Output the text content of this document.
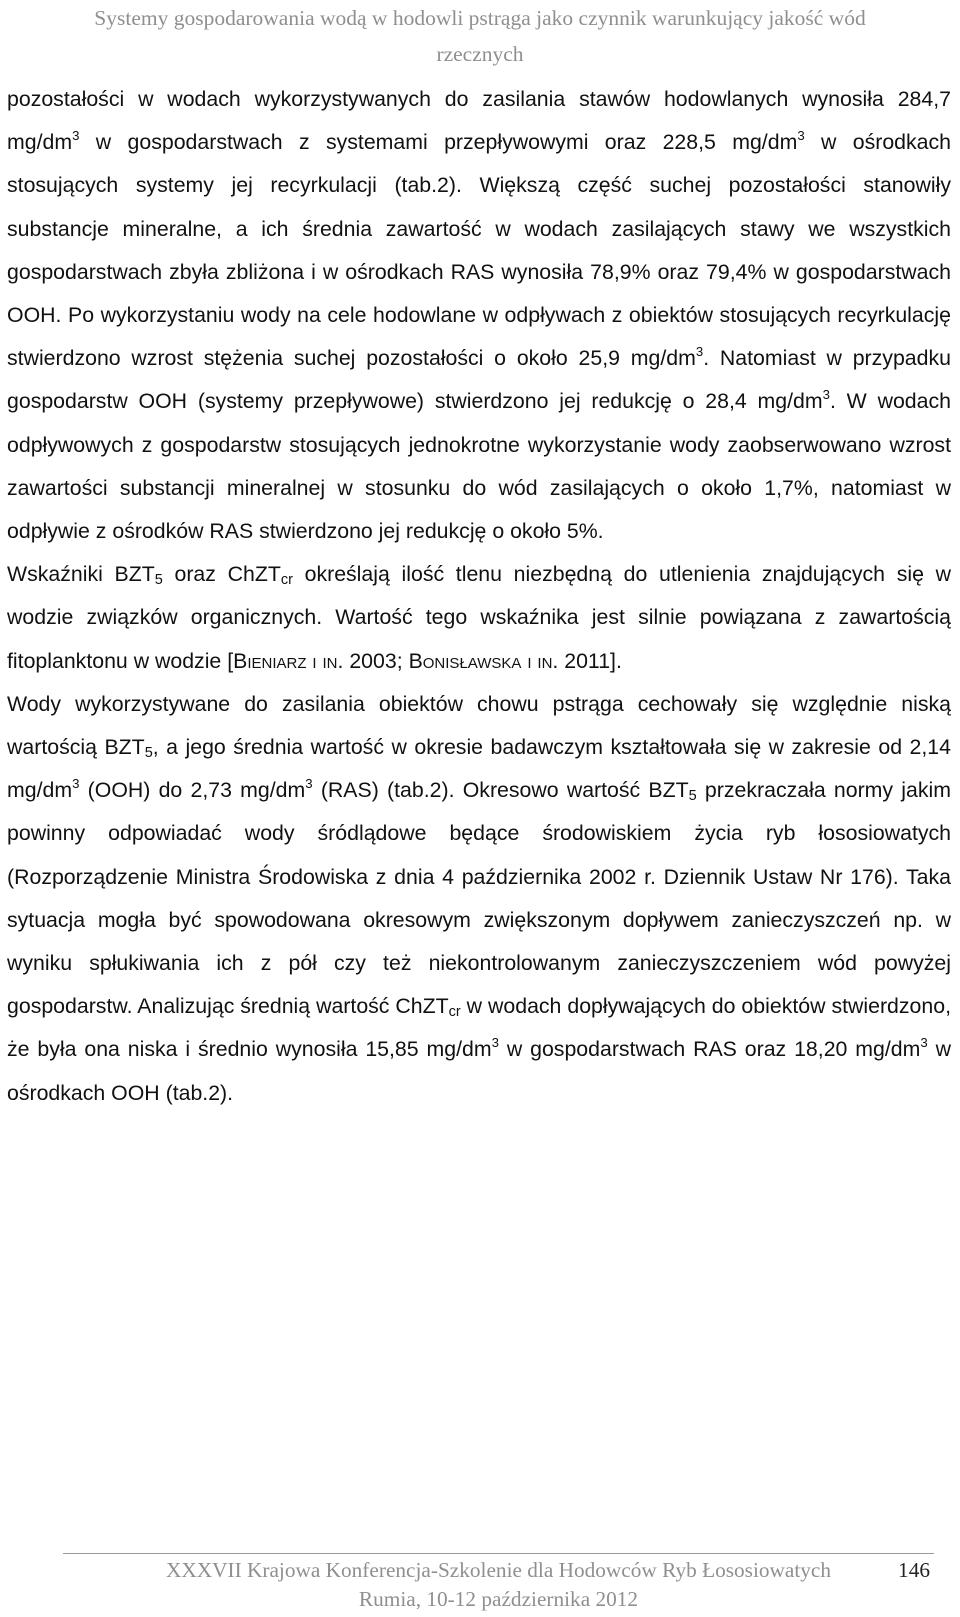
Systemy gospodarowania wodą w hodowli pstrąga jako czynnik warunkujący jakość wód
rzecznych

pozostałości w wodach wykorzystywanych do zasilania stawów hodowlanych wynosiła 284,7 $mg/dm^3$ w gospodarstwach z systemami przepływowymi oraz 228,5 $mg/dm^3$ w ośrodkach stosujących systemy jej recyrkulacji (tab.2). Większą część suchej pozostałości stanowiły substancje mineralne, a ich średnia zawartość w wodach zasilających stawy we wszystkich gospodarstwach zbyła zbliżona i w ośrodkach RAS wynosiła 78,9% oraz 79,4% w gospodarstwach OOH. Po wykorzystaniu wody na cele hodowlane w odpływach z obiektów stosujących recyrkulację stwierdzono wzrost stężenia suchej pozostałości o około 25,9 $mg/dm^3$. Natomiast w przypadku gospodarstw OOH (systemy przepływowe) stwierdzono jej redukcję o 28,4 $mg/dm^3$. W wodach odpływowych z gospodarstw stosujących jednokrotne wykorzystanie wody zaobserwowano wzrost zawartości substancji mineralnej w stosunku do wód zasilających o około 1,7%, natomiast w odpływie z ośrodków RAS stwierdzono jej redukcję o około 5%.

Wskaźniki $BZT_5$ oraz ChZT$_{cr}$ określają ilość tlenu niezbędną do utlenienia znajdujących się w wodzie związków organicznych. Wartość tego wskaźnika jest silnie powiązana z zawartością fitoplanktonu w wodzie [Bieniarz i in. 2003; Bonisławska i in. 2011].

Wody wykorzystywane do zasilania obiektów chowu pstrąga cechowały się względnie niską wartością $BZT_5$, a jego średnia wartość w okresie badawczym kształtowała się w zakresie od 2,14 $mg/dm^3$ (OOH) do 2,73 $mg/dm^3$ (RAS) (tab.2). Okresowo wartość $BZT_5$ przekraczała normy jakim powinny odpowiadać wody śródlądowe będące środowiskiem życia ryb łososiowatych (Rozporządzenie Ministra Środowiska z dnia 4 października 2002 r. Dziennik Ustaw Nr 176). Taka sytuacja mogła być spowodowana okresowym zwiększonym dopływem zanieczyszczeń np. w wyniku spłukiwania ich z pół czy też niekontrolowanym zanieczyszczeniem wód powyżej gospodarstw. Analizując średnią wartość ChZT$_{cr}$ w wodach dopływających do obiektów stwierdzono, że była ona niska i średnio wynosiła 15,85 $mg/dm^3$ w gospodarstwach RAS oraz 18,20 $mg/dm^3$ w ośrodkach OOH (tab.2).

XXXVII Krajowa Konferencja-Szkolenie dla Hodowców Ryb Łososiowatych	146
Rumia, 10-12 października 2012
